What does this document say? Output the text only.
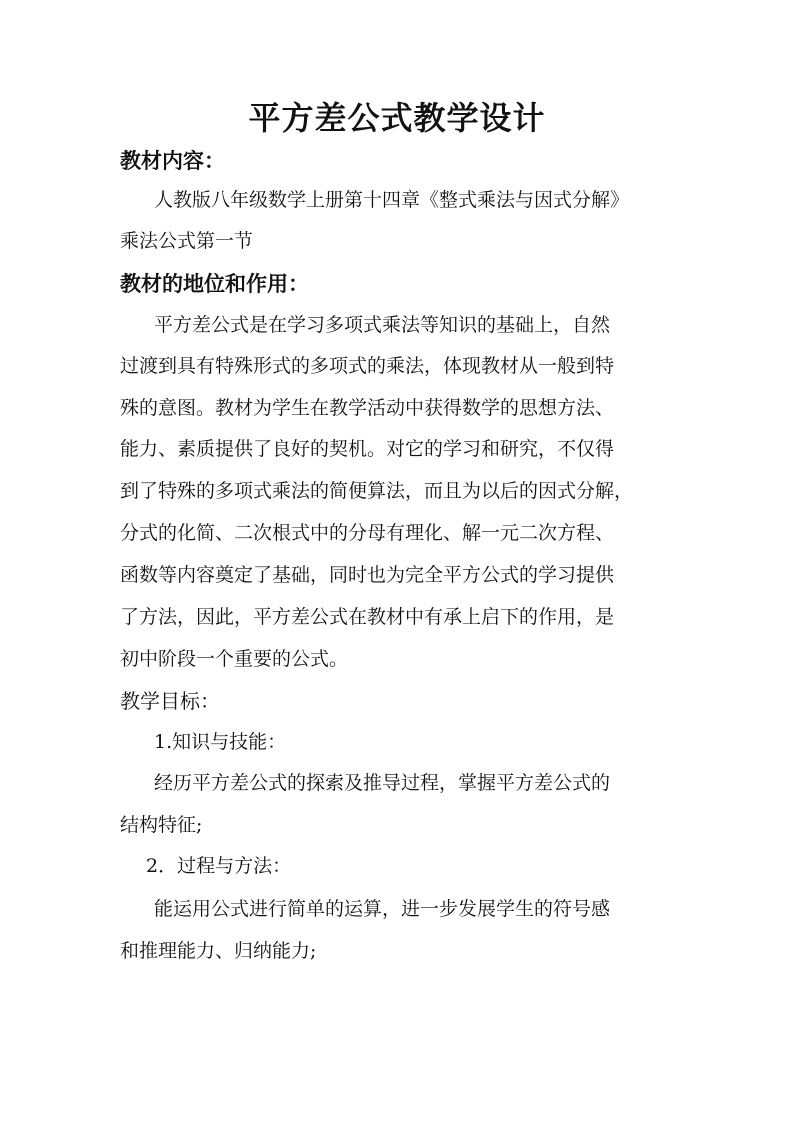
平方差公式教学设计
教材内容：
人教版八年级数学上册第十四章《整式乘法与因式分解》
乘法公式第一节
教材的地位和作用：
平方差公式是在学习多项式乘法等知识的基础上，自然
过渡到具有特殊形式的多项式的乘法，体现教材从一般到特
殊的意图。教材为学生在教学活动中获得数学的思想方法、
能力、素质提供了良好的契机。对它的学习和研究，不仅得
到了特殊的多项式乘法的简便算法，而且为以后的因式分解，
分式的化简、二次根式中的分母有理化、解一元二次方程、
函数等内容奠定了基础，同时也为完全平方公式的学习提供
了方法，因此，平方差公式在教材中有承上启下的作用，是
初中阶段一个重要的公式。
教学目标：
1.知识与技能：
经历平方差公式的探索及推导过程，掌握平方差公式的
结构特征;
2．过程与方法：
能运用公式进行简单的运算，进一步发展学生的符号感
和推理能力、归纳能力;
